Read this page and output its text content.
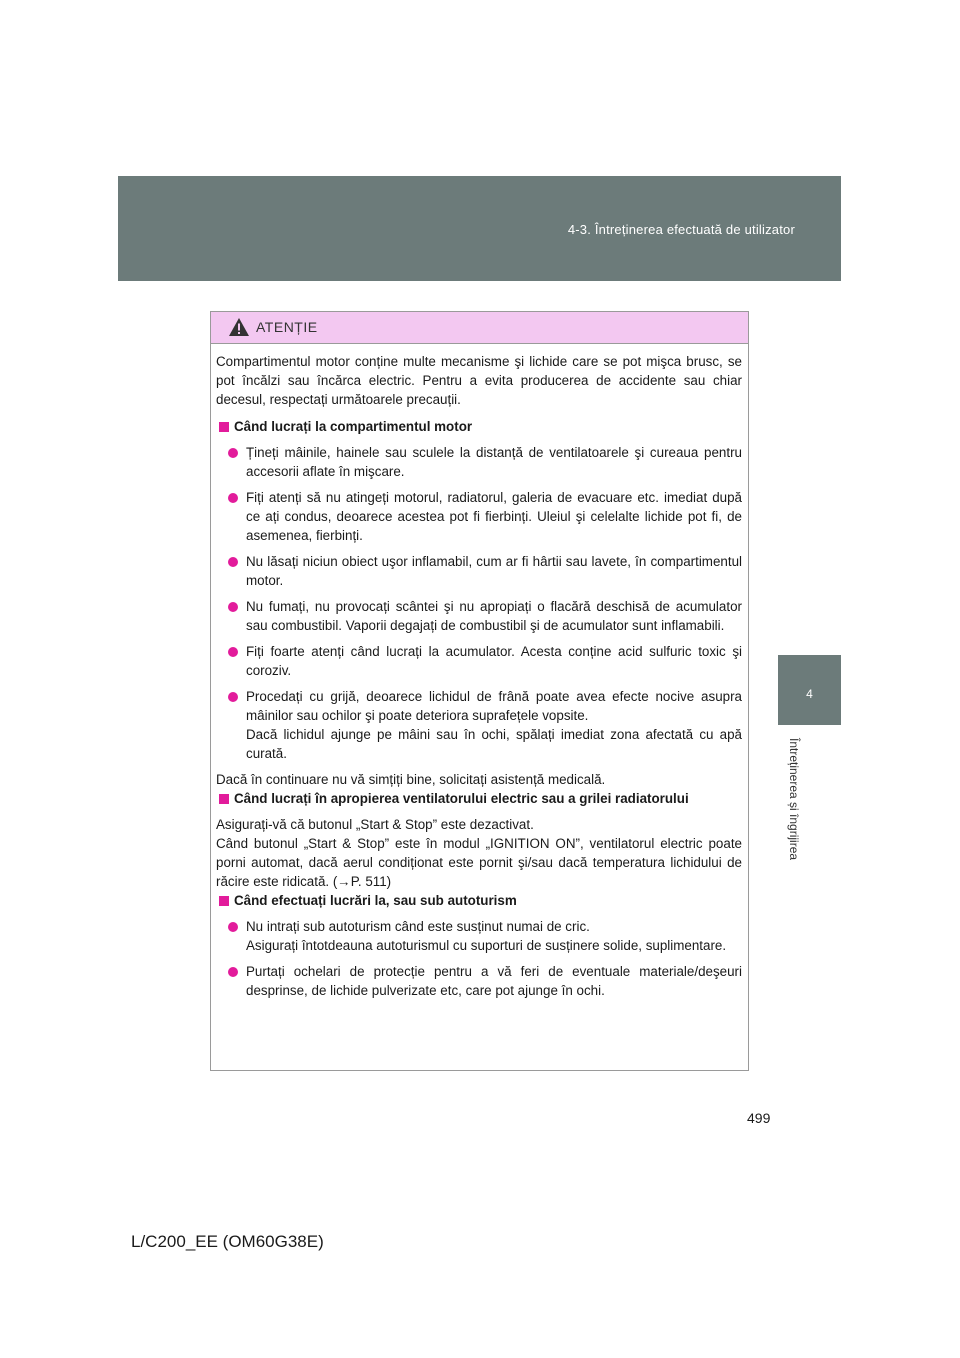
4-3. Întreținerea efectuată de utilizator
4
Întreținerea și îngrijirea
ATENȚIE

Compartimentul motor conține multe mecanisme şi lichide care se pot mişca brusc, se pot încălzi sau încărca electric. Pentru a evita producerea de accidente sau chiar decesul, respectați următoarele precauții.

Când lucrați la compartimentul motor
Țineți mâinile, hainele sau sculele la distanță de ventilatoarele şi cureaua pentru accesorii aflate în mişcare.
Fiți atenți să nu atingeți motorul, radiatorul, galeria de evacuare etc. imediat după ce ați condus, deoarece acestea pot fi fierbinți. Uleiul şi celelalte lichide pot fi, de asemenea, fierbinți.
Nu lăsați niciun obiect uşor inflamabil, cum ar fi hârtii sau lavete, în compartimentul motor.
Nu fumați, nu provocați scântei şi nu apropiați o flacără deschisă de acumulator sau combustibil. Vaporii degajați de combustibil şi de acumulator sunt inflamabili.
Fiți foarte atenți când lucrați la acumulator. Acesta conține acid sulfuric toxic şi coroziv.
Procedați cu grijă, deoarece lichidul de frână poate avea efecte nocive asupra mâinilor sau ochilor şi poate deteriora suprafețele vopsite.
Dacă lichidul ajunge pe mâini sau în ochi, spălați imediat zona afectată cu apă curată.

Dacă în continuare nu vă simțiți bine, solicitați asistență medicală.

Când lucrați în apropierea ventilatorului electric sau a grilei radiatorului

Asigurați-vă că butonul „Start & Stop” este dezactivat.
Când butonul „Start & Stop” este în modul „IGNITION ON”, ventilatorul electric poate porni automat, dacă aerul condiționat este pornit şi/sau dacă temperatura lichidului de răcire este ridicată. (→P. 511)

Când efectuați lucrări la, sau sub autoturism
Nu intrați sub autoturism când este susținut numai de cric.
Asigurați întotdeauna autoturismul cu suporturi de susținere solide, suplimentare.
Purtați ochelari de protecție pentru a vă feri de eventuale materiale/deşeuri desprinse, de lichide pulverizate etc, care pot ajunge în ochi.
499
L/C200_EE (OM60G38E)
